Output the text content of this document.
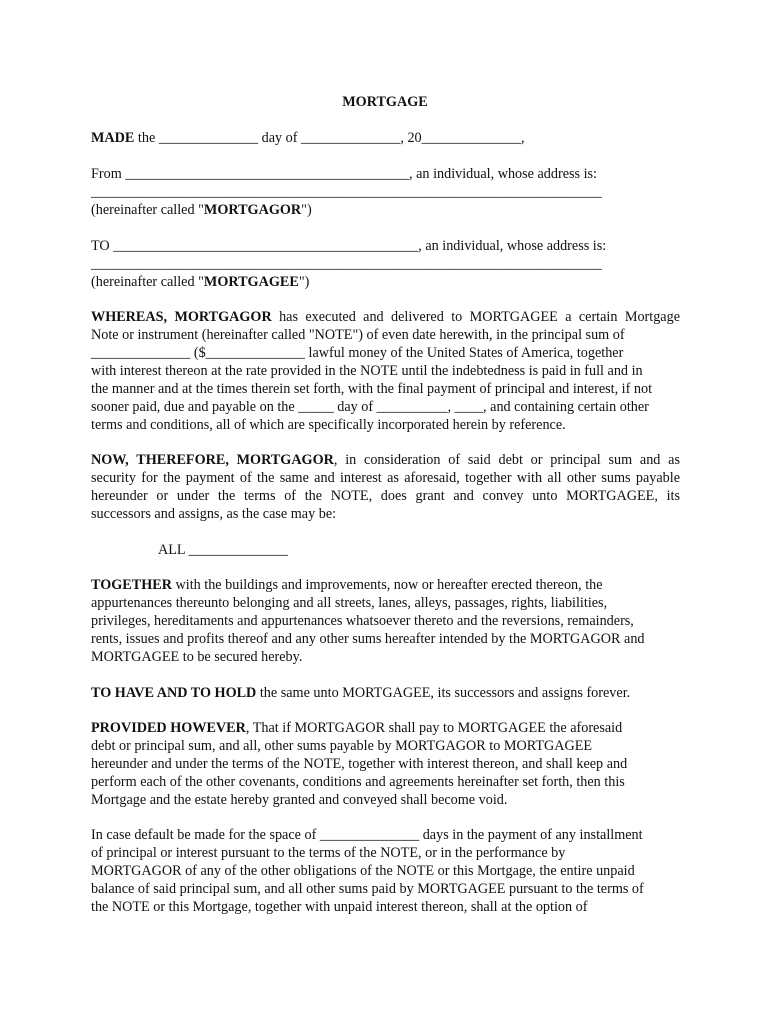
MORTGAGE
MADE the ______________ day of ______________, 20______________,
From ________________________________________, an individual, whose address is:
________________________________________________________________________
(hereinafter called "MORTGAGOR")
TO ___________________________________________, an individual, whose address is:
________________________________________________________________________
(hereinafter called "MORTGAGEE")
WHEREAS, MORTGAGOR has executed and delivered to MORTGAGEE a certain Mortgage
Note or instrument (hereinafter called "NOTE") of even date herewith, in the principal sum of
______________ ($______________ lawful money of the United States of America, together
with interest thereon at the rate provided in the NOTE until the indebtedness is paid in full and in
the manner and at the times therein set forth, with the final payment of principal and interest, if not
sooner paid, due and payable on the _____ day of __________, ____, and containing certain other
terms and conditions, all of which are specifically incorporated herein by reference.
NOW, THEREFORE, MORTGAGOR, in consideration of said debt or principal sum and as
security for the payment of the same and interest as aforesaid, together with all other sums payable
hereunder or under the terms of the NOTE, does grant and convey unto MORTGAGEE, its
successors and assigns, as the case may be:
ALL ______________
TOGETHER with the buildings and improvements, now or hereafter erected thereon, the
appurtenances thereunto belonging and all streets, lanes, alleys, passages, rights, liabilities,
privileges, hereditaments and appurtenances whatsoever thereto and the reversions, remainders,
rents, issues and profits thereof and any other sums hereafter intended by the MORTGAGOR and
MORTGAGEE to be secured hereby.
TO HAVE AND TO HOLD the same unto MORTGAGEE, its successors and assigns forever.
PROVIDED HOWEVER, That if MORTGAGOR shall pay to MORTGAGEE the aforesaid
debt or principal sum, and all, other sums payable by MORTGAGOR to MORTGAGEE
hereunder and under the terms of the NOTE, together with interest thereon, and shall keep and
perform each of the other covenants, conditions and agreements hereinafter set forth, then this
Mortgage and the estate hereby granted and conveyed shall become void.
In case default be made for the space of ______________ days in the payment of any installment
of principal or interest pursuant to the terms of the NOTE, or in the performance by
MORTGAGOR of any of the other obligations of the NOTE or this Mortgage, the entire unpaid
balance of said principal sum, and all other sums paid by MORTGAGEE pursuant to the terms of
the NOTE or this Mortgage, together with unpaid interest thereon, shall at the option of
